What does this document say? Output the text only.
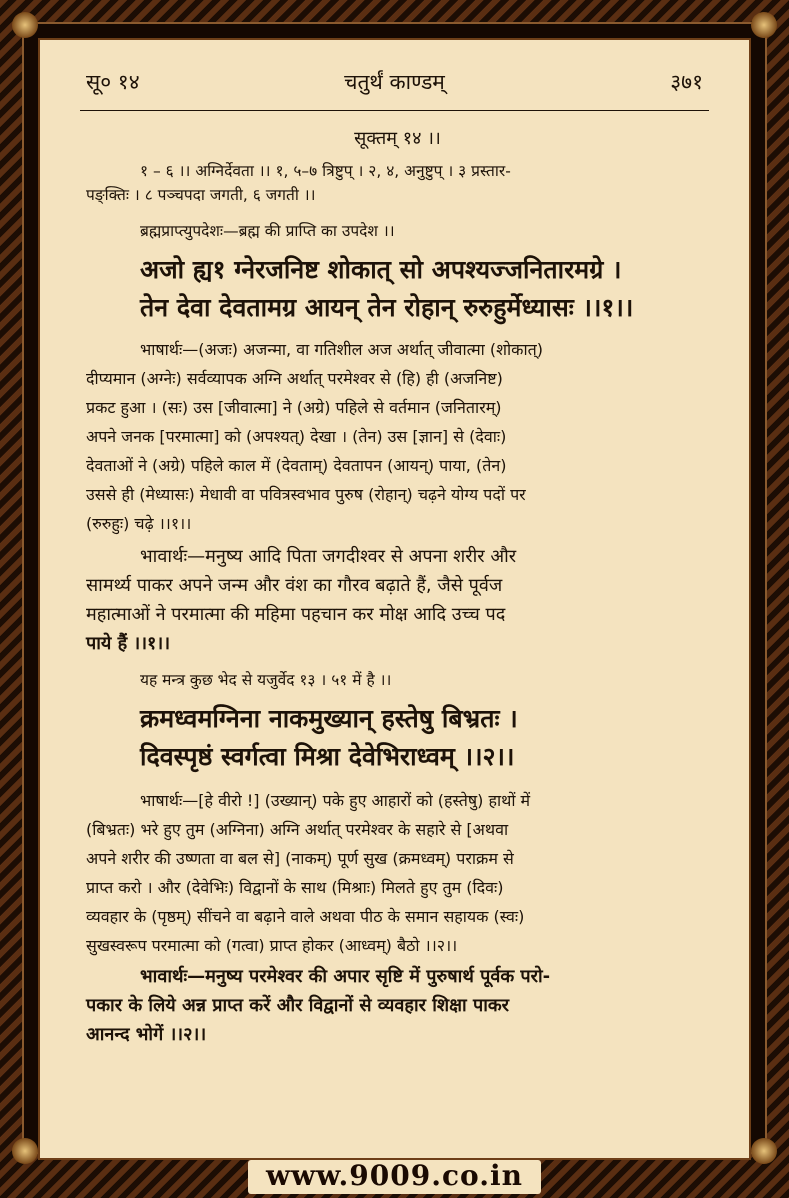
सू० १४	चतुर्थं काण्डम्	३७१

सूक्तम् १४ ।।

१ – ६ ।। अग्निर्देवता ।। १, ५–७ त्रिष्टुप् । २, ४, अनुष्टुप् । ३ प्रस्तार-

पङ्क्तिः । ८ पञ्चपदा जगती, ६ जगती ।।

ब्रह्मप्राप्त्युपदेशः—ब्रह्म की प्राप्ति का उपदेश ।।

अजो ह्य१ ग्नेरजनिष्ट शोकात् सो अपश्यज्जनितारमग्रे ।

तेन देवा देवतामग्र आयन् तेन रोहान् रुरुहुर्मेध्यासः ।।१।।

भाषार्थः—(अजः) अजन्मा, वा गतिशील अज अर्थात् जीवात्मा (शोकात्)

दीप्यमान (अग्नेः) सर्वव्यापक अग्नि अर्थात् परमेश्वर से (हि) ही (अजनिष्ट)

प्रकट हुआ । (सः) उस [जीवात्मा] ने (अग्रे) पहिले से वर्तमान (जनितारम्)

अपने जनक [परमात्मा] को (अपश्यत्) देखा । (तेन) उस [ज्ञान] से (देवाः)

देवताओं ने (अग्रे) पहिले काल में (देवताम्) देवतापन (आयन्) पाया, (तेन)

उससे ही (मेध्यासः) मेधावी वा पवित्रस्वभाव पुरुष (रोहान्) चढ़ने योग्य पदों पर

(रुरुहुः) चढ़े ।।१।।

भावार्थः—मनुष्य आदि पिता जगदीश्वर से अपना शरीर और

सामर्थ्य पाकर अपने जन्म और वंश का गौरव बढ़ाते हैं, जैसे पूर्वज

महात्माओं ने परमात्मा की महिमा पहचान कर मोक्ष आदि उच्च पद

पाये हैं ।।१।।

यह मन्त्र कुछ भेद से यजुर्वेद १३ । ५१ में है ।।

क्रमध्वमग्निना नाकमुख्यान् हस्तेषु बिभ्रतः ।

दिवस्पृष्ठं स्वर्गत्वा मिश्रा देवेभिराध्वम् ।।२।।

भाषार्थः—[हे वीरो !] (उख्यान्) पके हुए आहारों को (हस्तेषु) हाथों में

(बिभ्रतः) भरे हुए तुम (अग्निना) अग्नि अर्थात् परमेश्वर के सहारे से [अथवा

अपने शरीर की उष्णता वा बल से] (नाकम्) पूर्ण सुख (क्रमध्वम्) पराक्रम से

प्राप्त करो । और (देवेभिः) विद्वानों के साथ (मिश्राः) मिलते हुए तुम (दिवः)

व्यवहार के (पृष्ठम्) सींचने वा बढ़ाने वाले अथवा पीठ के समान सहायक (स्वः)

सुखस्वरूप परमात्मा को (गत्वा) प्राप्त होकर (आध्वम्) बैठो ।।२।।

भावार्थः—मनुष्य परमेश्वर की अपार सृष्टि में पुरुषार्थ पूर्वक परो-

पकार के लिये अन्न प्राप्त करें और विद्वानों से व्यवहार शिक्षा पाकर

आनन्द भोगें ।।२।।

www.9009.co.in
